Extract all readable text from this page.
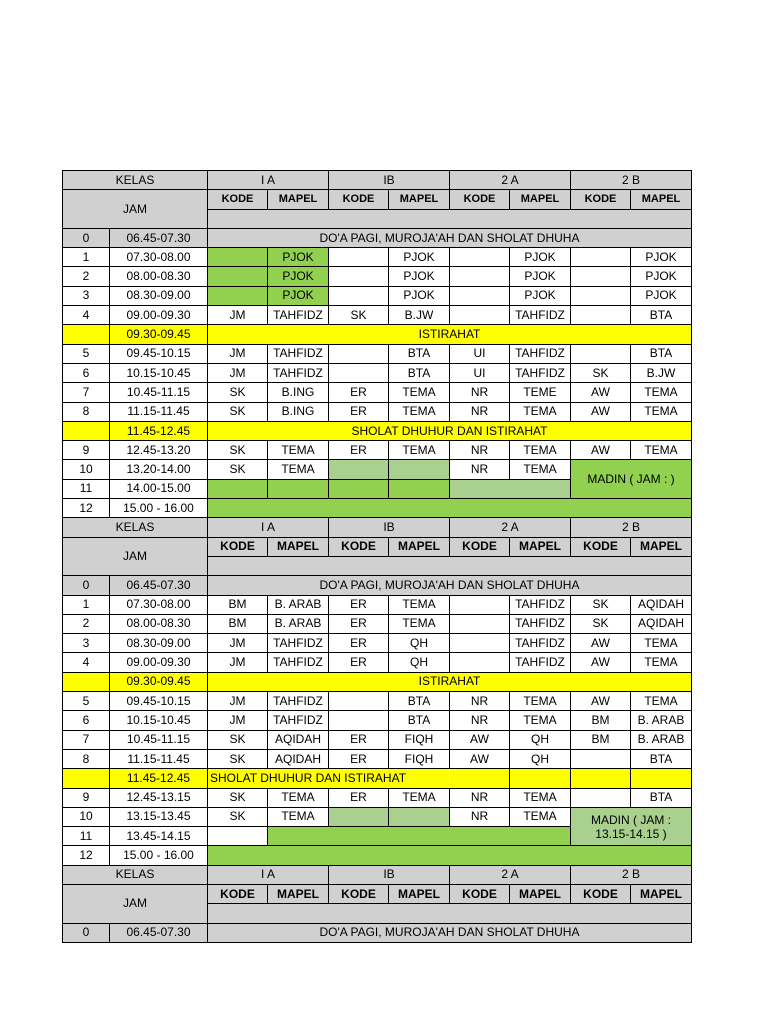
KELAS		I A		IB		2 A		2 B	
JAM		KODE	MAPEL	KODE	MAPEL	KODE	MAPEL	KODE	MAPEL

0	06.45-07.30	DO'A PAGI, MUROJA'AH DAN SHOLAT DHUHA							
1	07.30-08.00		PJOK		PJOK		PJOK		PJOK
2	08.00-08.30		PJOK		PJOK		PJOK		PJOK
3	08.30-09.00		PJOK		PJOK		PJOK		PJOK
4	09.00-09.30	JM	TAHFIDZ	SK	B.JW		TAHFIDZ		BTA
	09.30-09.45	ISTIRAHAT							
5	09.45-10.15	JM	TAHFIDZ		BTA	UI	TAHFIDZ		BTA
6	10.15-10.45	JM	TAHFIDZ		BTA	UI	TAHFIDZ	SK	B.JW
7	10.45-11.15	SK	B.ING	ER	TEMA	NR	TEME	AW	TEMA
8	11.15-11.45	SK	B.ING	ER	TEMA	NR	TEMA	AW	TEMA
	11.45-12.45	SHOLAT DHUHUR DAN ISTIRAHAT							
9	12.45-13.20	SK	TEMA	ER	TEMA	NR	TEMA	AW	TEMA
10	13.20-14.00	SK	TEMA			NR	TEMA	MADIN ( JAM : )	
11	14.00-15.00								
12	15.00 - 16.00								
KELAS		I A		IB		2 A		2 B	
JAM		KODE	MAPEL	KODE	MAPEL	KODE	MAPEL	KODE	MAPEL

0	06.45-07.30	DO'A PAGI, MUROJA'AH DAN SHOLAT DHUHA							
1	07.30-08.00	BM	B. ARAB	ER	TEMA		TAHFIDZ	SK	AQIDAH
2	08.00-08.30	BM	B. ARAB	ER	TEMA		TAHFIDZ	SK	AQIDAH
3	08.30-09.00	JM	TAHFIDZ	ER	QH		TAHFIDZ	AW	TEMA
4	09.00-09.30	JM	TAHFIDZ	ER	QH		TAHFIDZ	AW	TEMA
	09.30-09.45	ISTIRAHAT							
5	09.45-10.15	JM	TAHFIDZ		BTA	NR	TEMA	AW	TEMA
6	10.15-10.45	JM	TAHFIDZ		BTA	NR	TEMA	BM	B. ARAB
7	10.45-11.15	SK	AQIDAH	ER	FIQH	AW	QH	BM	B. ARAB
8	11.15-11.45	SK	AQIDAH	ER	FIQH	AW	QH		BTA
	11.45-12.45	SHOLAT DHUHUR DAN ISTIRAHAT							
9	12.45-13.15	SK	TEMA	ER	TEMA	NR	TEMA		BTA
10	13.15-13.45	SK	TEMA			NR	TEMA	MADIN ( JAM : 13.15-14.15 )	
11	13.45-14.15								
12	15.00 - 16.00								
KELAS		I A		IB		2 A		2 B	
JAM		KODE	MAPEL	KODE	MAPEL	KODE	MAPEL	KODE	MAPEL

0	06.45-07.30	DO'A PAGI, MUROJA'AH DAN SHOLAT DHUHA							
